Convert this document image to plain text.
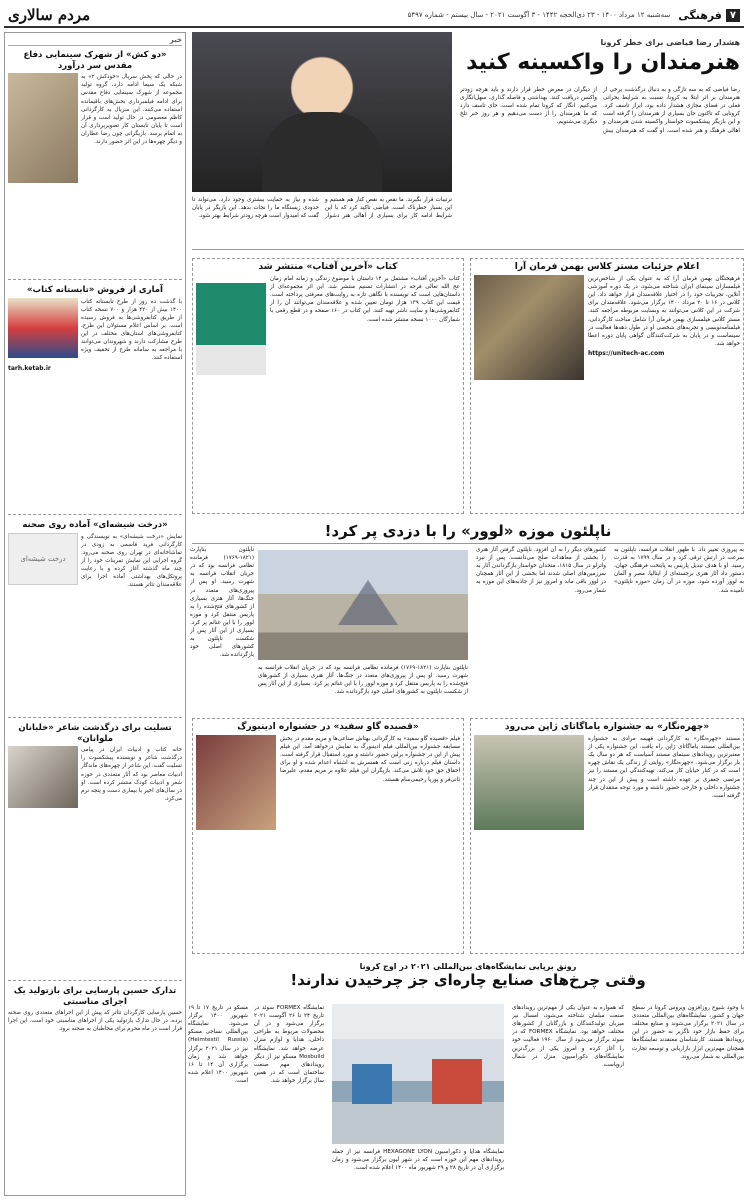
۷
فرهنگی
سه‌شنبه ۱۲ مرداد ۱۴۰۰ - ۲۳ ذی‌الحجه ۱۴۴۲ - ۳ آگوست ۲۰۲۱ - سال بیستم - شماره ۵۴۹۷
مردم سالاری
خبر
«دو کش» از شهرک سینمایی دفاع مقدس سر درآورد
در حالی که پخش سریال «خودکش ۲» به شبکه یک سیما ادامه دارد، گروه تولید مجموعه از شهرک سینمایی دفاع مقدس برای ادامه فیلمبرداری بخش‌های باقیمانده استفاده می‌کنند. این سریال به کارگردانی کاظم معصومی در حال تولید است و قرار است تا پایان تابستان کار تصویربرداری آن به اتمام برسد. بازیگرانی چون رضا عطاران و دیگر چهره‌ها در این اثر حضور دارند.
آماری از فروش «تابستانه کتاب»
با گذشت ده روز از طرح تابستانه کتاب ۱۴۰۰ بیش از ۴۲۰ هزار و ۷۰۰ نسخه کتاب از طریق کتابفروشی‌ها به فروش رسیده است. بر اساس اعلام مسئولان این طرح، کتابفروشی‌های استان‌های مختلف در این طرح مشارکت دارند و شهروندان می‌توانند با مراجعه به سامانه طرح از تخفیف ویژه استفاده کنند.
tarh.ketab.ir
«درخت شیشه‌ای» آماده روی صحنه
درخت شیشه‌ای
نمایش «درخت شیشه‌ای» به نویسندگی و کارگردانی فرید قاسمی به زودی در تماشاخانه‌ای در تهران روی صحنه می‌رود. گروه اجرایی این نمایش تمرینات خود را از چند ماه گذشته آغاز کرده و با رعایت پروتکل‌های بهداشتی آماده اجرا برای علاقه‌مندان تئاتر هستند.
تسلیت برای درگذشت شاعر «خلبانان ملوانان»
خانه کتاب و ادبیات ایران در پیامی درگذشت شاعر و نویسنده پیشکسوت را تسلیت گفت. این شاعر از چهره‌های ماندگار ادبیات معاصر بود که آثار متعددی در حوزه شعر و ادبیات کودک منتشر کرده است. او در سال‌های اخیر با بیماری دست و پنجه نرم می‌کرد.
تدارک حسین پارسایی برای بازتولید یک اجرای مناسبتی
حسین پارسایی کارگردان تئاتر که پیش از این اجراهای متعددی روی صحنه برده، در حال تدارک بازتولید یکی از اجراهای مناسبتی خود است. این اجرا قرار است در ماه محرم برای مخاطبان به صحنه برود.
هشدار رضا فیاضی برای خطر کرونا
هنرمندان را واکسینه کنید
رضا فیاضی که به سه تازگی و به دنبال درگذشت برخی از هنرمندان بر اثر ابتلا به کرونا، نسبت به شرایط بحرانی فعلی در فضای مجازی هشدار داده بود، ابراز تاسف کرد. کرونایی که تاکنون جان بسیاری از هنرمندان را گرفته است و این بازیگر پیشکسوت خواستار واکسینه شدن هنرمندان و اهالی فرهنگ و هنر شده است. او گفت که هنرمندان بیش از دیگران در معرض خطر قرار دارند و باید هرچه زودتر واکسن دریافت کنند. بهداشتی و فاصله گذاری، سهل‌انگاری می‌کنیم. انگار که کرونا تمام شده است. جای تاسف دارد که ما هنرمندان را از دست می‌دهیم و هر روز خبر تلخ دیگری می‌شنویم.
ترتیبات قرار بگیرند. ما نقص به نقص کنار هم هستیم و این بسیار خطرناک است. فیاضی تاکید کرد که با این شرایط ادامه کار برای بسیاری از اهالی هنر دشوار شده و نیاز به حمایت بیشتری وجود دارد. می‌تواند تا حدودی زیستگاه ما را نجات بدهد. این بازیگر در پایان گفت که امیدوار است هرچه زودتر شرایط بهتر شود.
اعلام جزئیات مستر کلاس بهمن فرمان آرا
فرهیختگان بهمن فرمان آرا که به عنوان یکی از شاخص‌ترین فیلمسازان سینمای ایران شناخته می‌شود، در یک دوره آموزشی آنلاین، تجربیات خود را در اختیار علاقه‌مندان قرار خواهد داد. این کلاس در ۱۶ تا ۲۰ مرداد ۱۴۰۰ برگزار می‌شود. علاقه‌مندان برای شرکت در این کلاس می‌توانند به وبسایت مربوطه مراجعه کنند. مستر کلاس فیلمسازی بهمن فرمان آرا شامل مباحث کارگردانی، فیلمنامه‌نویسی و تجربه‌های شخصی او در طول دهه‌ها فعالیت در سینماست و در پایان به شرکت‌کنندگان گواهی پایان دوره اعطا خواهد شد.
https://unitech-ac.com
کتاب «آخرین آفتاب» منتشر شد
کتاب «آخرین آفتاب» مشتمل بر ۱۴ داستان با موضوع زندگی و زمانه امام زمان عج الله تعالی فرجه در انتشارات تسنیم منتشر شد. این اثر مجموعه‌ای از داستان‌هایی است که نویسنده با نگاهی تازه به روایت‌های معرفتی پرداخته است. قیمت این کتاب ۱۳۹ هزار تومان تعیین شده و علاقه‌مندان می‌توانند آن را از کتابفروشی‌ها و سایت ناشر تهیه کنند. این کتاب در ۱۶۰ صفحه و در قطع رقعی با شمارگان ۱۰۰۰ نسخه منتشر شده است.
ناپلئون موزه «لوور» را با دزدی پر کرد!
ناپلئون بناپارت (۱۸۲۱-۱۷۶۹) فرمانده نظامی فرانسه بود که در جریان انقلاب فرانسه به شهرت رسید. او پس از پیروزی‌های متعدد در جنگ‌ها، آثار هنری بسیاری از کشورهای فتح‌شده را به پاریس منتقل کرد و موزه لوور را با این غنائم پر کرد. بسیاری از این آثار پس از شکست ناپلئون به کشورهای اصلی خود بازگردانده شد.
به پیروزی تغییر داد. با ظهور انقلاب فرانسه، ناپلئون به سرعت در ارتش ترقی کرد و در سال ۱۷۹۹ به قدرت رسید. او با هدف تبدیل پاریس به پایتخت فرهنگی جهان، دستور داد آثار هنری برجسته‌ای از ایتالیا، مصر و آلمان به لوور آورده شود. موزه در آن زمان «موزه ناپلئون» نامیده شد.
کشورهای دیگر را به آن افزود. ناپلئون گرفتن آثار هنری را بخشی از معاهدات صلح می‌دانست. پس از نبرد واترلو در سال ۱۸۱۵، متحدان خواستار بازگرداندن آثار به سرزمین‌های اصلی شدند اما بخشی از این آثار همچنان در لوور باقی ماند و امروز نیز از جاذبه‌های این موزه به شمار می‌رود.
ناپلئون بناپارت (۱۸۲۱-۱۷۶۹) فرمانده نظامی فرانسه بود که در جریان انقلاب فرانسه به شهرت رسید. او پس از پیروزی‌های متعدد در جنگ‌ها، آثار هنری بسیاری از کشورهای فتح‌شده را به پاریس منتقل کرد و موزه لوور را با این غنائم پر کرد. بسیاری از این آثار پس از شکست ناپلئون به کشورهای اصلی خود بازگردانده شد.
«چهره‌نگار» به جشنواره یاماگاتای ژاپن می‌رود
مستند «چهره‌نگار» به کارگردانی فهیمه مرادی به جشنواره بین‌المللی مستند یاماگاتای ژاپن راه یافت. این جشنواره یکی از معتبرترین رویدادهای سینمای مستند آسیاست که هر دو سال یک بار برگزار می‌شود. «چهره‌نگار» روایتی از زندگی یک نقاش چهره است که در کنار خیابان کار می‌کند. تهیه‌کنندگی این مستند را نیز مرتضی جعفری بر عهده داشته است و پیش از این در چند جشنواره داخلی و خارجی حضور داشته و مورد توجه منتقدان قرار گرفته است.
«قصیده گاو سفید» در جشنواره ادینبورگ
فیلم «قصیده گاو سفید» به کارگردانی بهتاش صناعی‌ها و مریم مقدم در بخش مسابقه جشنواره بین‌المللی فیلم ادینبورگ به نمایش درخواهد آمد. این فیلم پیش از این در جشنواره برلین حضور داشته و مورد استقبال قرار گرفته است. داستان فیلم درباره زنی است که همسرش به اشتباه اعدام شده و او برای احقاق حق خود تلاش می‌کند. بازیگران این فیلم علاوه بر مریم مقدم، علیرضا ثانی‌فر و پوریا رحیمی‌سام هستند.
رونق برپایی نمایشگاه‌های بین‌المللی ۲۰۲۱ در اوج کرونا
وقتی چرخ‌های صنایع چاره‌ای جز چرخیدن ندارند!
با وجود شیوع روزافزون ویروس کرونا در سطح جهان و کشور، نمایشگاه‌های بین‌المللی متعددی در سال ۲۰۲۱ برگزار می‌شوند و صنایع مختلف برای حفظ بازار خود ناگزیر به حضور در این رویدادها هستند. کارشناسان معتقدند نمایشگاه‌ها همچنان مهم‌ترین ابزار بازاریابی و توسعه تجارت بین‌المللی به شمار می‌روند.
که همواره به عنوان یکی از مهم‌ترین رویدادهای صنعت مبلمان شناخته می‌شود، امسال نیز میزبان تولیدکنندگان و بازرگانان از کشورهای مختلف خواهد بود. نمایشگاه FORMEX که در سوئد برگزار می‌شود از سال ۱۹۶۰ فعالیت خود را آغاز کرده و امروز یکی از بزرگ‌ترین نمایشگاه‌های دکوراسیون منزل در شمال اروپاست.
نمایشگاه FORMEX سوئد در تاریخ ۲۴ تا ۲۶ آگوست ۲۰۲۱ برگزار می‌شود و در آن محصولات مربوط به طراحی داخلی، هدایا و لوازم منزل عرضه خواهد شد. نمایشگاه Mosbuild مسکو نیز از دیگر رویدادهای مهم صنعت ساختمان است که در همین سال برگزار خواهد شد.
مسکو در تاریخ ۱۷ تا ۱۹ شهریور ۱۴۰۰ برگزار می‌شود. نمایشگاه بین‌المللی نساجی مسکو (Heimtextil Russia) نیز در سال ۲۰۲۱ برگزار خواهد شد و زمان برگزاری آن ۱۴ تا ۱۶ شهریور ۱۴۰۰ اعلام شده است.
نمایشگاه هدایا و دکوراسیون HEXAGONE LYON فرانسه نیز از جمله رویدادهای مهم این حوزه است که در شهر لیون برگزار می‌شود و زمان برگزاری آن در تاریخ ۲۸ و ۲۹ شهریور ماه ۱۴۰۰ اعلام شده است.
